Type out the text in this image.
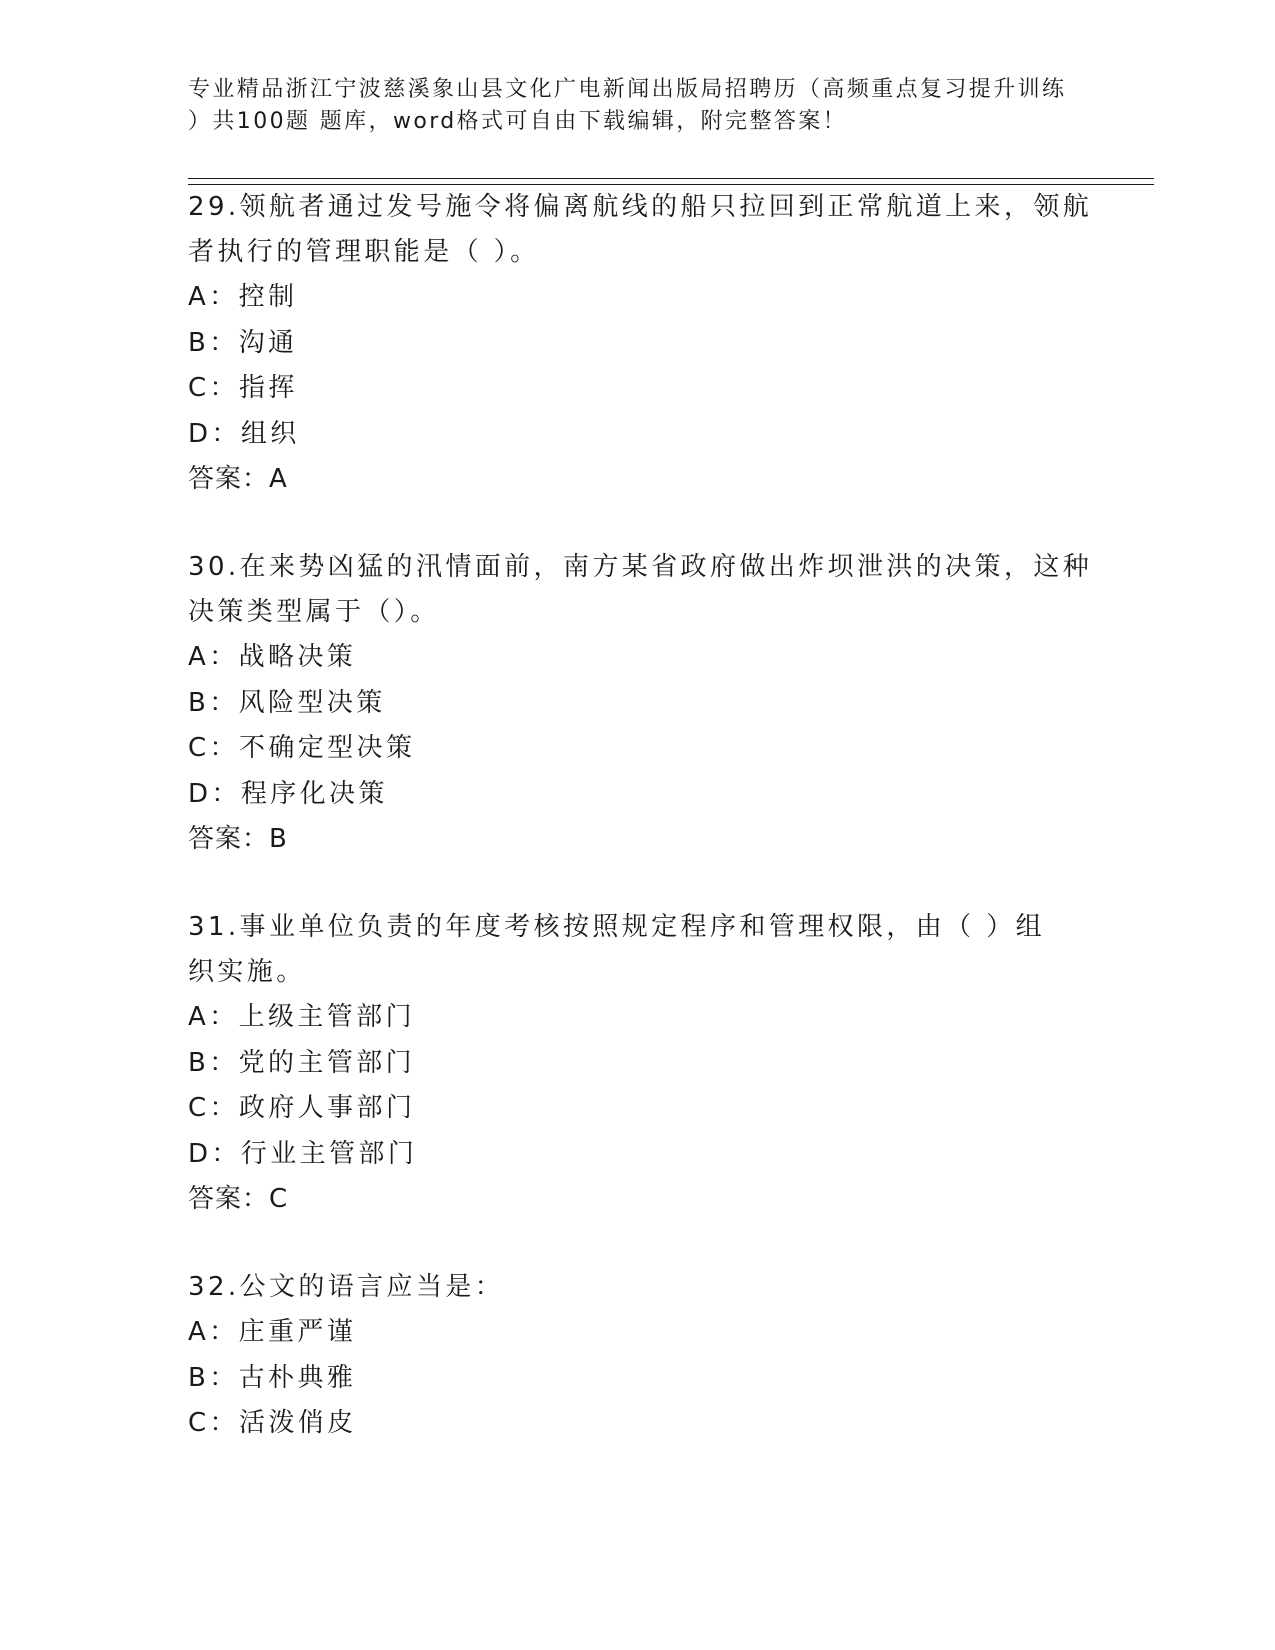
专业精品浙江宁波慈溪象山县文化广电新闻出版局招聘历（高频重点复习提升训练
）共100题 题库，word格式可自由下载编辑，附完整答案！
29.领航者通过发号施令将偏离航线的船只拉回到正常航道上来，领航
者执行的管理职能是（ ）。
A：控制
B：沟通
C：指挥
D：组织
答案：A
30.在来势凶猛的汛情面前，南方某省政府做出炸坝泄洪的决策，这种
决策类型属于（）。
A：战略决策
B：风险型决策
C：不确定型决策
D：程序化决策
答案：B
31.事业单位负责的年度考核按照规定程序和管理权限，由（ ）组
织实施。
A：上级主管部门
B：党的主管部门
C：政府人事部门
D：行业主管部门
答案：C
32.公文的语言应当是：
A：庄重严谨
B：古朴典雅
C：活泼俏皮
